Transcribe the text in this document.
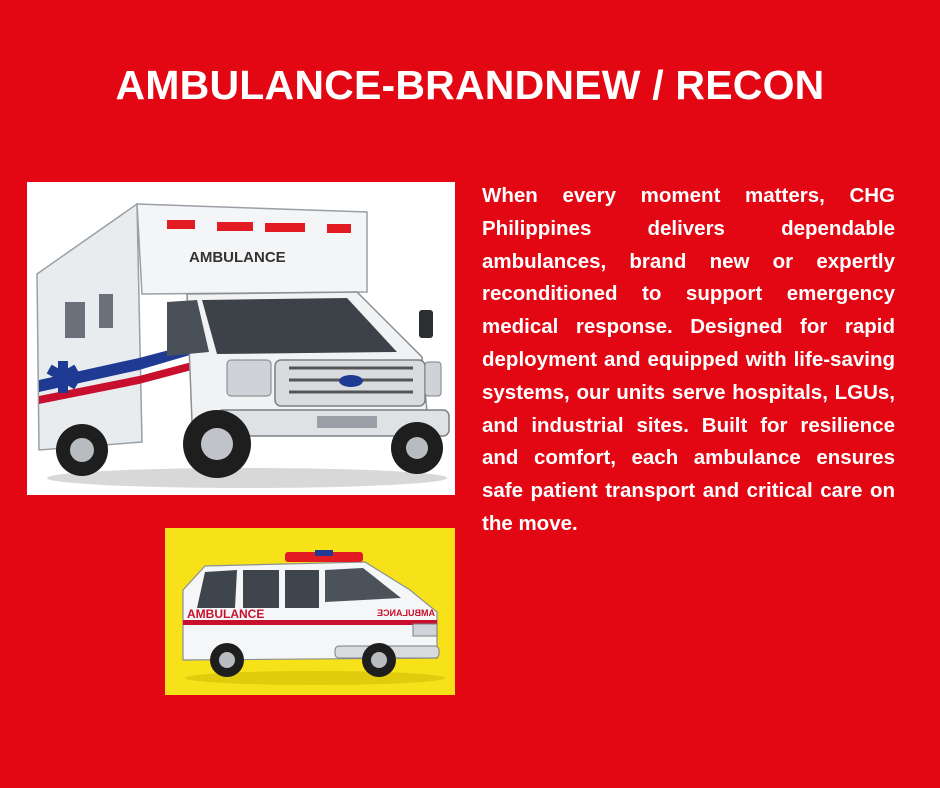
AMBULANCE-BRANDNEW / RECON
AMBULANCE
AMBULANCE	AMBULANCE

When every moment matters, CHG Philippines delivers dependable ambulances, brand new or expertly reconditioned to support emergency medical response. Designed for rapid deployment and equipped with life-saving systems, our units serve hospitals, LGUs, and industrial sites. Built for resilience and comfort, each ambulance ensures safe patient transport and critical care on the move.
